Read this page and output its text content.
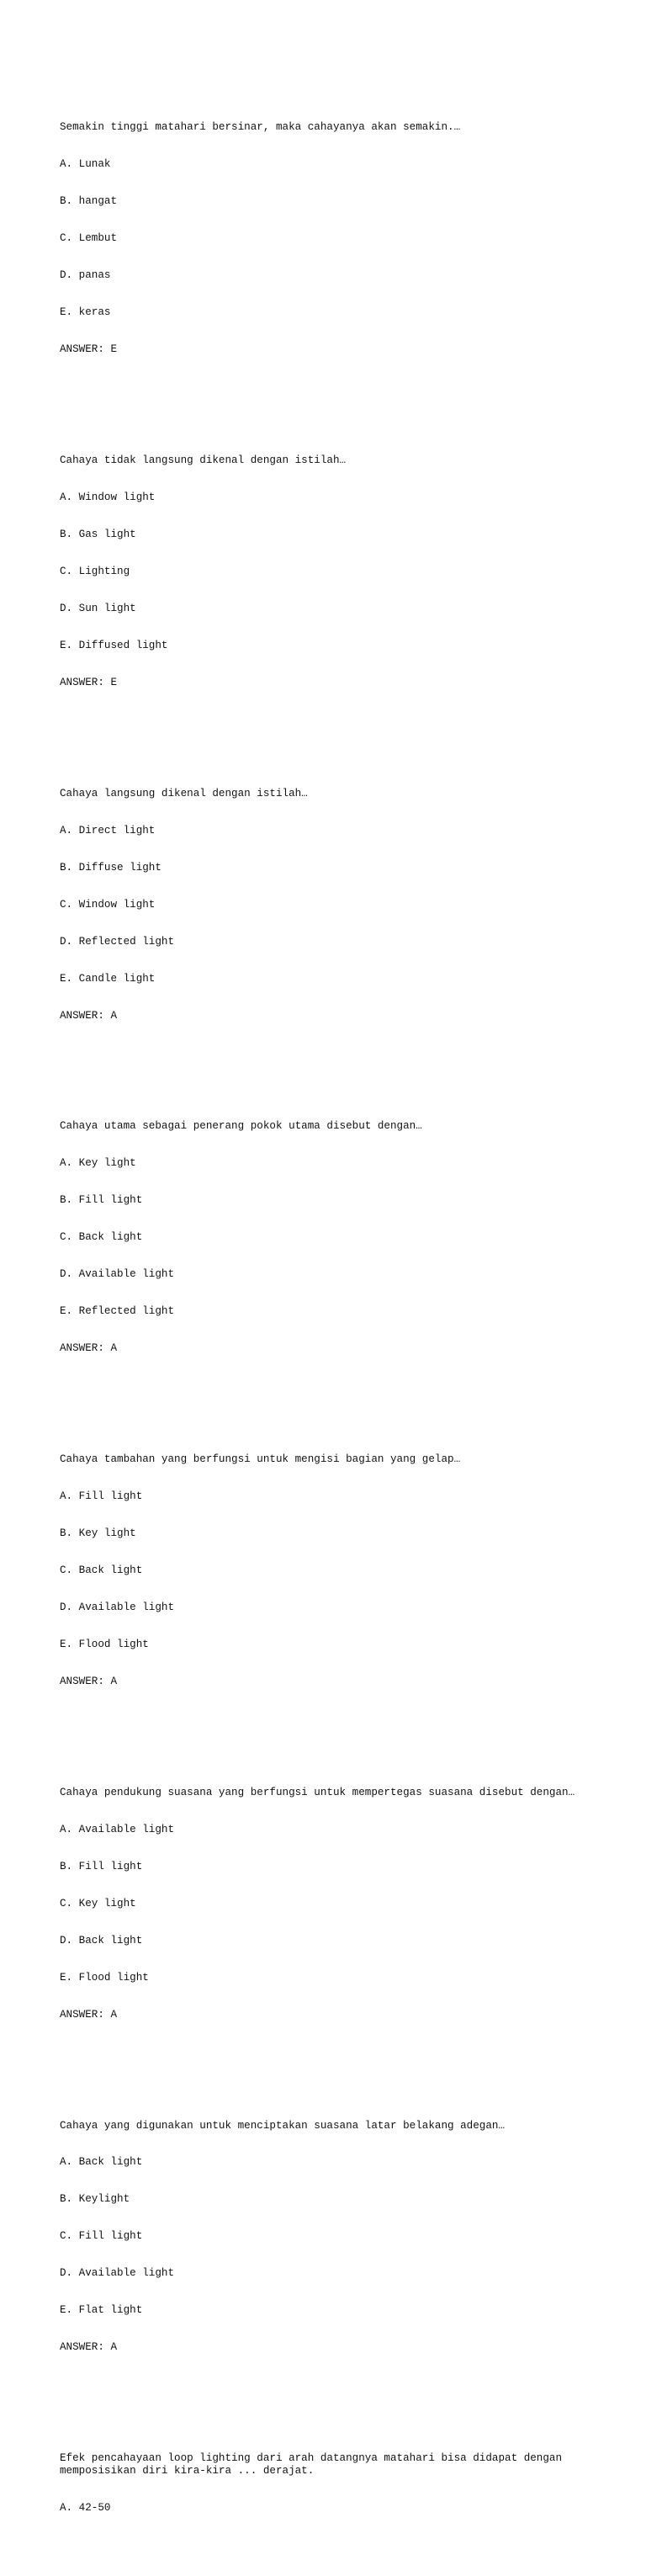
Semakin tinggi matahari bersinar, maka cahayanya akan semakin.…

A. Lunak

B. hangat

C. Lembut

D. panas

E. keras

ANSWER: E

Cahaya tidak langsung dikenal dengan istilah…

A. Window light

B. Gas light

C. Lighting

D. Sun light

E. Diffused light

ANSWER: E

Cahaya langsung dikenal dengan istilah…

A. Direct light

B. Diffuse light

C. Window light

D. Reflected light

E. Candle light

ANSWER: A

Cahaya utama sebagai penerang pokok utama disebut dengan…

A. Key light

B. Fill light

C. Back light

D. Available light

E. Reflected light

ANSWER: A

Cahaya tambahan yang berfungsi untuk mengisi bagian yang gelap…

A. Fill light

B. Key light

C. Back light

D. Available light

E. Flood light

ANSWER: A

Cahaya pendukung suasana yang berfungsi untuk mempertegas suasana disebut dengan…

A. Available light

B. Fill light

C. Key light

D. Back light

E. Flood light

ANSWER: A

Cahaya yang digunakan untuk menciptakan suasana latar belakang adegan…

A. Back light

B. Keylight

C. Fill light

D. Available light

E. Flat light

ANSWER: A

Efek pencahayaan loop lighting dari arah datangnya matahari bisa didapat dengan
memposisikan diri kira-kira ... derajat.

A. 42-50
